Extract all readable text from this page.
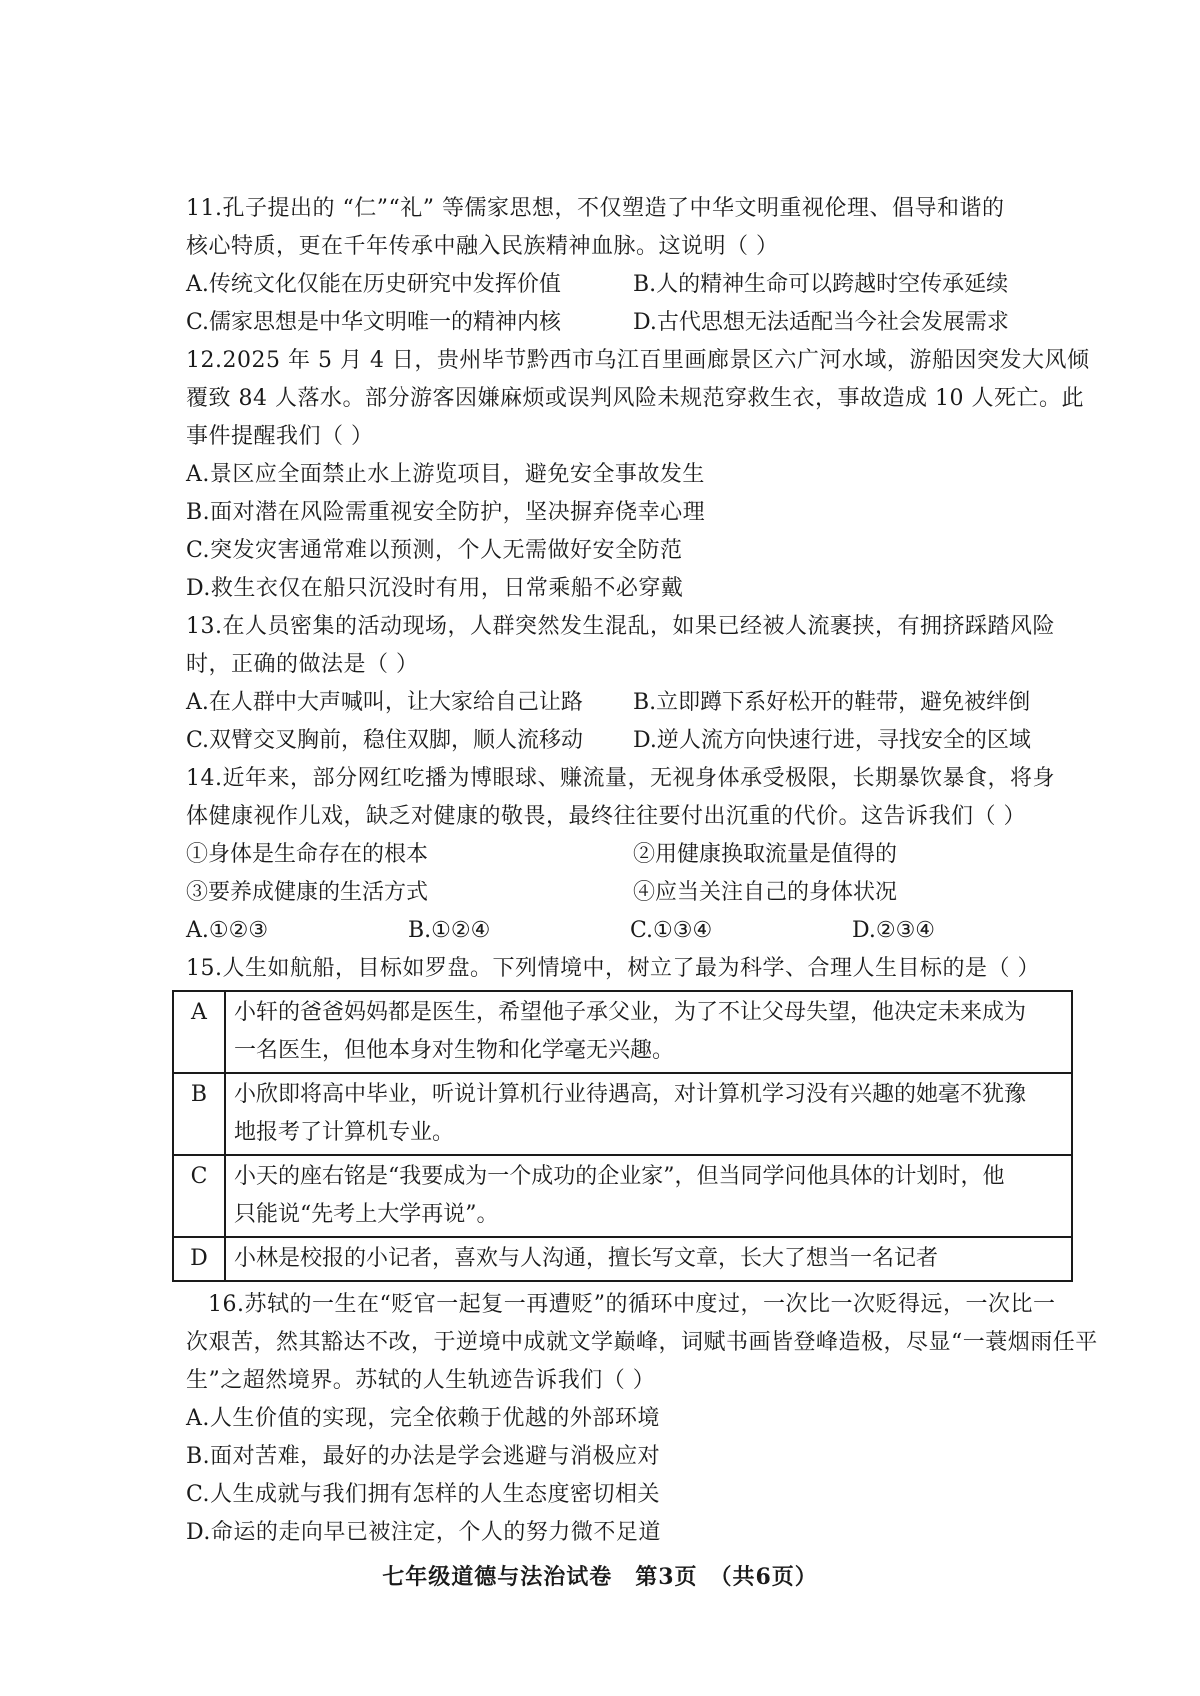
11.孔子提出的 “仁”“礼” 等儒家思想，不仅塑造了中华文明重视伦理、倡导和谐的
核心特质，更在千年传承中融入民族精神血脉。这说明（ ）
A.传统文化仅能在历史研究中发挥价值	B.人的精神生命可以跨越时空传承延续
C.儒家思想是中华文明唯一的精神内核	D.古代思想无法适配当今社会发展需求
12.2025 年 5 月 4 日，贵州毕节黔西市乌江百里画廊景区六广河水域，游船因突发大风倾
覆致 84 人落水。部分游客因嫌麻烦或误判风险未规范穿救生衣，事故造成 10 人死亡。此
事件提醒我们（ ）
A.景区应全面禁止水上游览项目，避免安全事故发生
B.面对潜在风险需重视安全防护，坚决摒弃侥幸心理
C.突发灾害通常难以预测，个人无需做好安全防范
D.救生衣仅在船只沉没时有用，日常乘船不必穿戴
13.在人员密集的活动现场，人群突然发生混乱，如果已经被人流裹挟，有拥挤踩踏风险
时，正确的做法是（ ）
A.在人群中大声喊叫，让大家给自己让路	B.立即蹲下系好松开的鞋带，避免被绊倒
C.双臂交叉胸前，稳住双脚，顺人流移动	D.逆人流方向快速行进，寻找安全的区域
14.近年来，部分网红吃播为博眼球、赚流量，无视身体承受极限，长期暴饮暴食，将身
体健康视作儿戏，缺乏对健康的敬畏，最终往往要付出沉重的代价。这告诉我们（ ）
①身体是生命存在的根本	②用健康换取流量是值得的
③要养成健康的生活方式	④应当关注自己的身体状况
A.①②③	B.①②④	C.①③④	D.②③④
15.人生如航船，目标如罗盘。下列情境中，树立了最为科学、合理人生目标的是（ ）
A	小轩的爸爸妈妈都是医生，希望他子承父业，为了不让父母失望，他决定未来成为
一名医生，但他本身对生物和化学毫无兴趣。

B	小欣即将高中毕业，听说计算机行业待遇高，对计算机学习没有兴趣的她毫不犹豫
地报考了计算机专业。

C	小天的座右铭是“我要成为一个成功的企业家”，但当同学问他具体的计划时，他
只能说“先考上大学再说”。

D	小林是校报的小记者，喜欢与人沟通，擅长写文章，长大了想当一名记者
16.苏轼的一生在“贬官一起复一再遭贬”的循环中度过，一次比一次贬得远，一次比一
次艰苦，然其豁达不改，于逆境中成就文学巅峰，词赋书画皆登峰造极，尽显“一蓑烟雨任平
生”之超然境界。苏轼的人生轨迹告诉我们（ ）
A.人生价值的实现，完全依赖于优越的外部环境
B.面对苦难，最好的办法是学会逃避与消极应对
C.人生成就与我们拥有怎样的人生态度密切相关
D.命运的走向早已被注定，个人的努力微不足道
七年级道德与法治试卷　第3页　（共6页）
